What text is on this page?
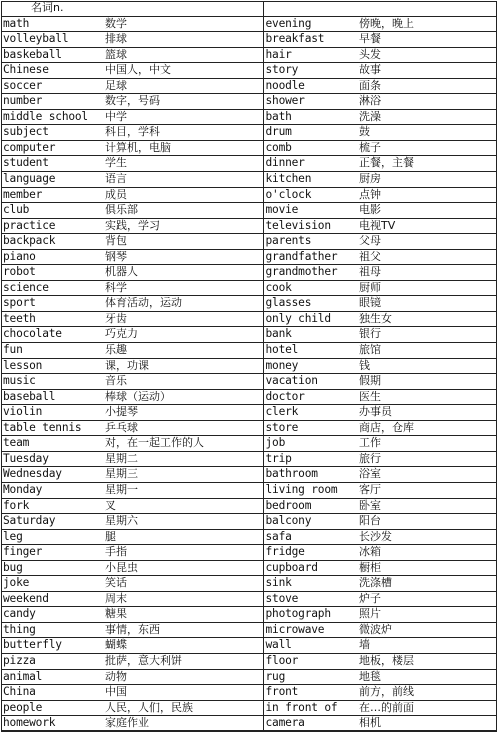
名词n.			
math	数学	evening	傍晚，晚上
volleyball	排球	breakfast	早餐
baskeball	篮球	hair	头发
Chinese	中国人，中文	story	故事
soccer	足球	noodle	面条
number	数字，号码	shower	淋浴
middle school	中学	bath	洗澡
subject	科目，学科	drum	鼓
computer	计算机，电脑	comb	梳子
student	学生	dinner	正餐，主餐
language	语言	kitchen	厨房
member	成员	o'clock	点钟
club	俱乐部	movie	电影
practice	实践，学习	television	电视TV
backpack	背包	parents	父母
piano	钢琴	grandfather	祖父
robot	机器人	grandmother	祖母
science	科学	cook	厨师
sport	体育活动，运动	glasses	眼镜
teeth	牙齿	only child	独生女
chocolate	巧克力	bank	银行
fun	乐趣	hotel	旅馆
lesson	课，功课	money	钱
music	音乐	vacation	假期
baseball	棒球（运动）	doctor	医生
violin	小提琴	clerk	办事员
table tennis	乒乓球	store	商店，仓库
team	对，在一起工作的人	job	工作
Tuesday	星期二	trip	旅行
Wednesday	星期三	bathroom	浴室
Monday	星期一	living room	客厅
fork	叉	bedroom	卧室
Saturday	星期六	balcony	阳台
leg	腿	safa	长沙发
finger	手指	fridge	冰箱
bug	小昆虫	cupboard	橱柜
joke	笑话	sink	洗涤槽
weekend	周末	stove	炉子
candy	糖果	photograph	照片
thing	事情，东西	microwave	微波炉
butterfly	蝴蝶	wall	墙
pizza	批萨，意大利饼	floor	地板，楼层
animal	动物	rug	地毯
China	中国	front	前方，前线
people	人民，人们，民族	in front of	在…的前面
homework	家庭作业	camera	相机
